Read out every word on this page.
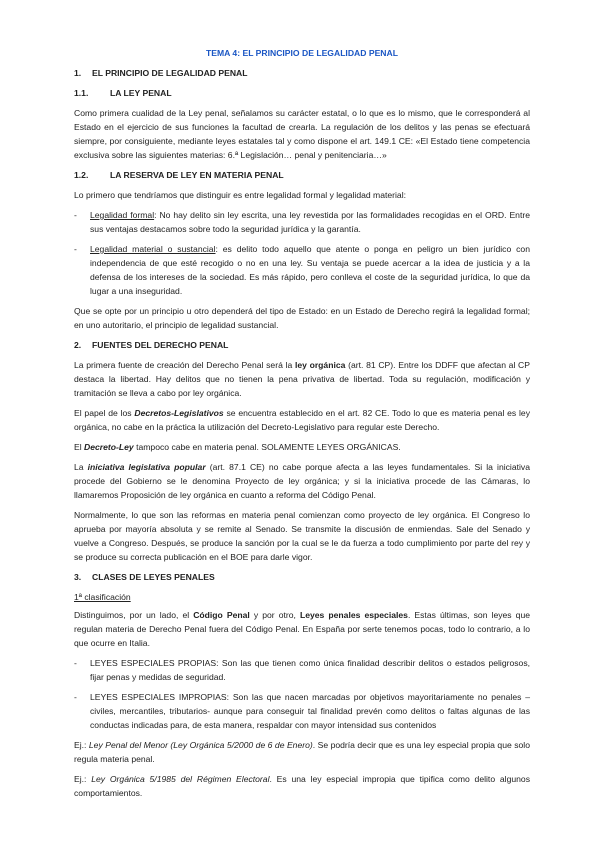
TEMA 4: EL PRINCIPIO DE LEGALIDAD PENAL
1.	EL PRINCIPIO DE LEGALIDAD PENAL
1.1.	LA LEY PENAL

Como primera cualidad de la Ley penal, señalamos su carácter estatal, o lo que es lo mismo, que le corresponderá al Estado en el ejercicio de sus funciones la facultad de crearla. La regulación de los delitos y las penas se efectuará siempre, por consiguiente, mediante leyes estatales tal y como dispone el art. 149.1 CE: «El Estado tiene competencia exclusiva sobre las siguientes materias: 6.ª Legislación… penal y penitenciaria…»

1.2.	LA RESERVA DE LEY EN MATERIA PENAL

Lo primero que tendríamos que distinguir es entre legalidad formal y legalidad material:

-	Legalidad formal: No hay delito sin ley escrita, una ley revestida por las formalidades recogidas en el ORD. Entre sus ventajas destacamos sobre todo la seguridad jurídica y la garantía.
-	Legalidad material o sustancial: es delito todo aquello que atente o ponga en peligro un bien jurídico con independencia de que esté recogido o no en una ley. Su ventaja se puede acercar a la idea de justicia y a la defensa de los intereses de la sociedad. Es más rápido, pero conlleva el coste de la seguridad jurídica, lo que da lugar a una inseguridad.

Que se opte por un principio u otro dependerá del tipo de Estado: en un Estado de Derecho regirá la legalidad formal; en uno autoritario, el principio de legalidad sustancial.

2.	FUENTES DEL DERECHO PENAL

La primera fuente de creación del Derecho Penal será la ley orgánica (art. 81 CP). Entre los DDFF que afectan al CP destaca la libertad. Hay delitos que no tienen la pena privativa de libertad. Toda su regulación, modificación y tramitación se lleva a cabo por ley orgánica.

El papel de los Decretos-Legislativos se encuentra establecido en el art. 82 CE. Todo lo que es materia penal es ley orgánica, no cabe en la práctica la utilización del Decreto-Legislativo para regular este Derecho.

El Decreto-Ley tampoco cabe en materia penal. SOLAMENTE LEYES ORGÁNICAS.

La iniciativa legislativa popular (art. 87.1 CE) no cabe porque afecta a las leyes fundamentales. Si la iniciativa procede del Gobierno se le denomina Proyecto de ley orgánica; y si la iniciativa procede de las Cámaras, lo llamaremos Proposición de ley orgánica en cuanto a reforma del Código Penal.

Normalmente, lo que son las reformas en materia penal comienzan como proyecto de ley orgánica. El Congreso lo aprueba por mayoría absoluta y se remite al Senado. Se transmite la discusión de enmiendas. Sale del Senado y vuelve a Congreso. Después, se produce la sanción por la cual se le da fuerza a todo cumplimiento por parte del rey y se produce su correcta publicación en el BOE para darle vigor.

3.	CLASES DE LEYES PENALES
1ª clasificación

Distinguimos, por un lado, el Código Penal y por otro, Leyes penales especiales. Estas últimas, son leyes que regulan materia de Derecho Penal fuera del Código Penal. En España por serte tenemos pocas, todo lo contrario, a lo que ocurre en Italia.

-	LEYES ESPECIALES PROPIAS: Son las que tienen como única finalidad describir delitos o estados peligrosos, fijar penas y medidas de seguridad.
-	LEYES ESPECIALES IMPROPIAS: Son las que nacen marcadas por objetivos mayoritariamente no penales –civiles, mercantiles, tributarios- aunque para conseguir tal finalidad prevén como delitos o faltas algunas de las conductas indicadas para, de esta manera, respaldar con mayor intensidad sus contenidos

Ej.: Ley Penal del Menor (Ley Orgánica 5/2000 de 6 de Enero). Se podría decir que es una ley especial propia que solo regula materia penal.

Ej.: Ley Orgánica 5/1985 del Régimen Electoral. Es una ley especial impropia que tipifica como delito algunos comportamientos.
